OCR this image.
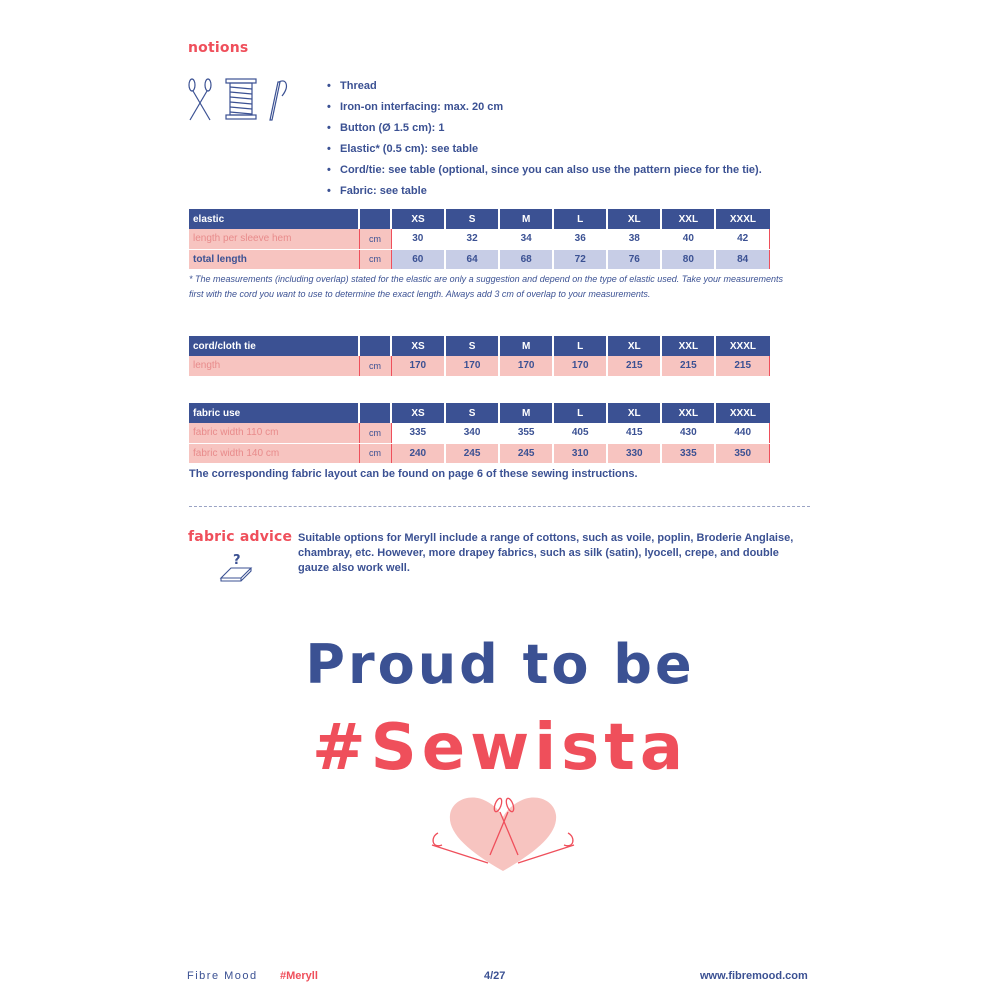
notions
• Thread
• Iron-on interfacing: max. 20 cm
• Button (Ø 1.5 cm): 1
• Elastic* (0.5 cm): see table
• Cord/tie: see table (optional, since you can also use the pattern piece for the tie).
• Fabric: see table
elastic		XS	S	M	L	XL	XXL	XXXL
length per sleeve hem	cm	30	32	34	36	38	40	42
total length	cm	60	64	68	72	76	80	84
* The measurements (including overlap) stated for the elastic are only a suggestion and depend on the type of elastic used. Take your measurements first with the cord you want to use to determine the exact length. Always add 3 cm of overlap to your measurements.
cord/cloth tie		XS	S	M	L	XL	XXL	XXXL
length	cm	170	170	170	170	215	215	215
fabric use		XS	S	M	L	XL	XXL	XXXL
fabric width 110 cm	cm	335	340	355	405	415	430	440
fabric width 140 cm	cm	240	245	245	310	330	335	350
The corresponding fabric layout can be found on page 6 of these sewing instructions.
fabric advice
?
Suitable options for Meryll include a range of cottons, such as voile, poplin, Broderie Anglaise, chambray, etc. However, more drapey fabrics, such as silk (satin), lyocell, crepe, and double gauze also work well.
Proud to be
#Sewista
Fibre Mood #Meryll	4/27	www.fibremood.com
